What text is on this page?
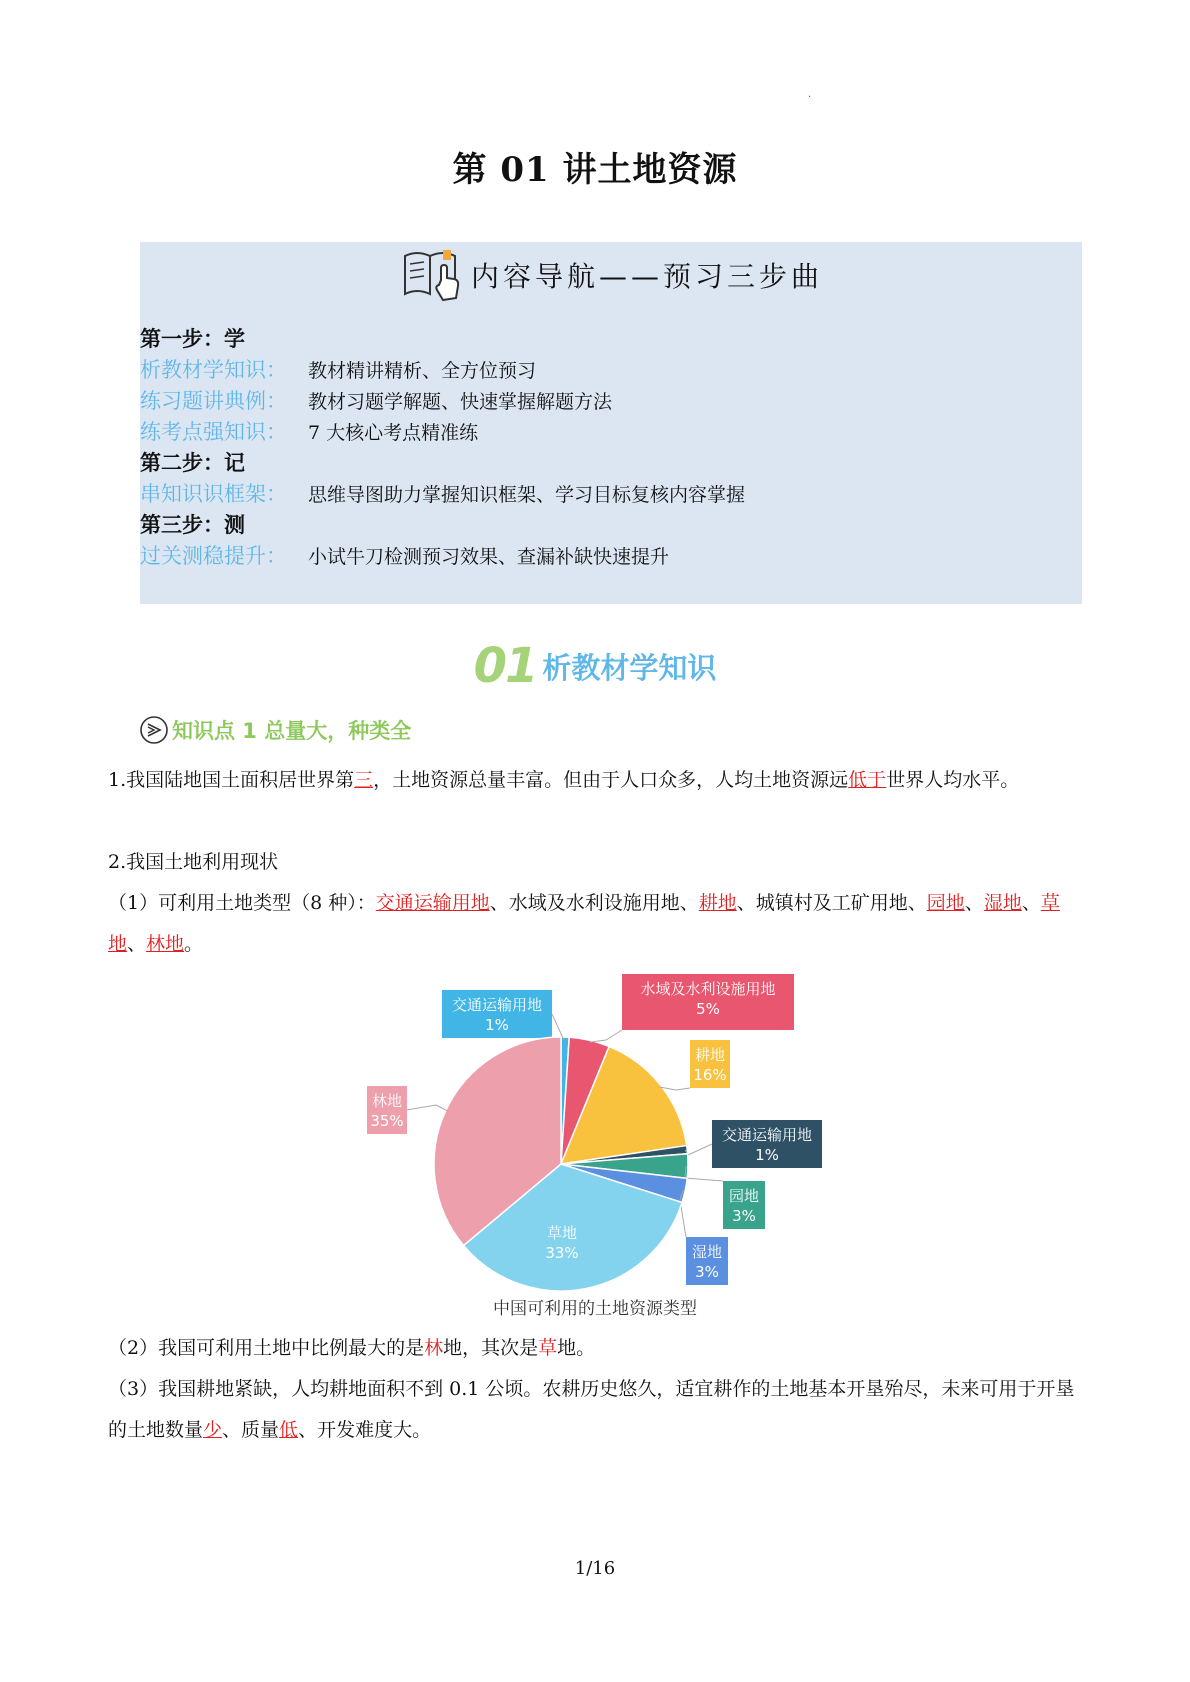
·
第 01 讲土地资源
内容导航——预习三步曲
第一步：学
析教材学知识： 教材精讲精析、全方位预习
练习题讲典例： 教材习题学解题、快速掌握解题方法
练考点强知识： 7 大核心考点精准练
第二步：记
串知识识框架： 思维导图助力掌握知识框架、学习目标复核内容掌握
第三步：测
过关测稳提升： 小试牛刀检测预习效果、查漏补缺快速提升
01 析教材学知识
知识点 1 总量大，种类全
1.我国陆地国土面积居世界第三，土地资源总量丰富。但由于人口众多，人均土地资源远低于世界人均水平。
2.我国土地利用现状
（1）可利用土地类型（8 种）：交通运输用地、水域及水利设施用地、耕地、城镇村及工矿用地、园地、湿地、草地、林地。
交通运输用地
1%
水域及水利设施用地
5%
耕地
16%
交通运输用地
1%
园地
3%
湿地
3%
草地
33%
林地
35%
中国可利用的土地资源类型
（2）我国可利用土地中比例最大的是林地，其次是草地。
（3）我国耕地紧缺，人均耕地面积不到 0.1 公顷。农耕历史悠久，适宜耕作的土地基本开垦殆尽，未来可用于开垦的土地数量少、质量低、开发难度大。
1/16
